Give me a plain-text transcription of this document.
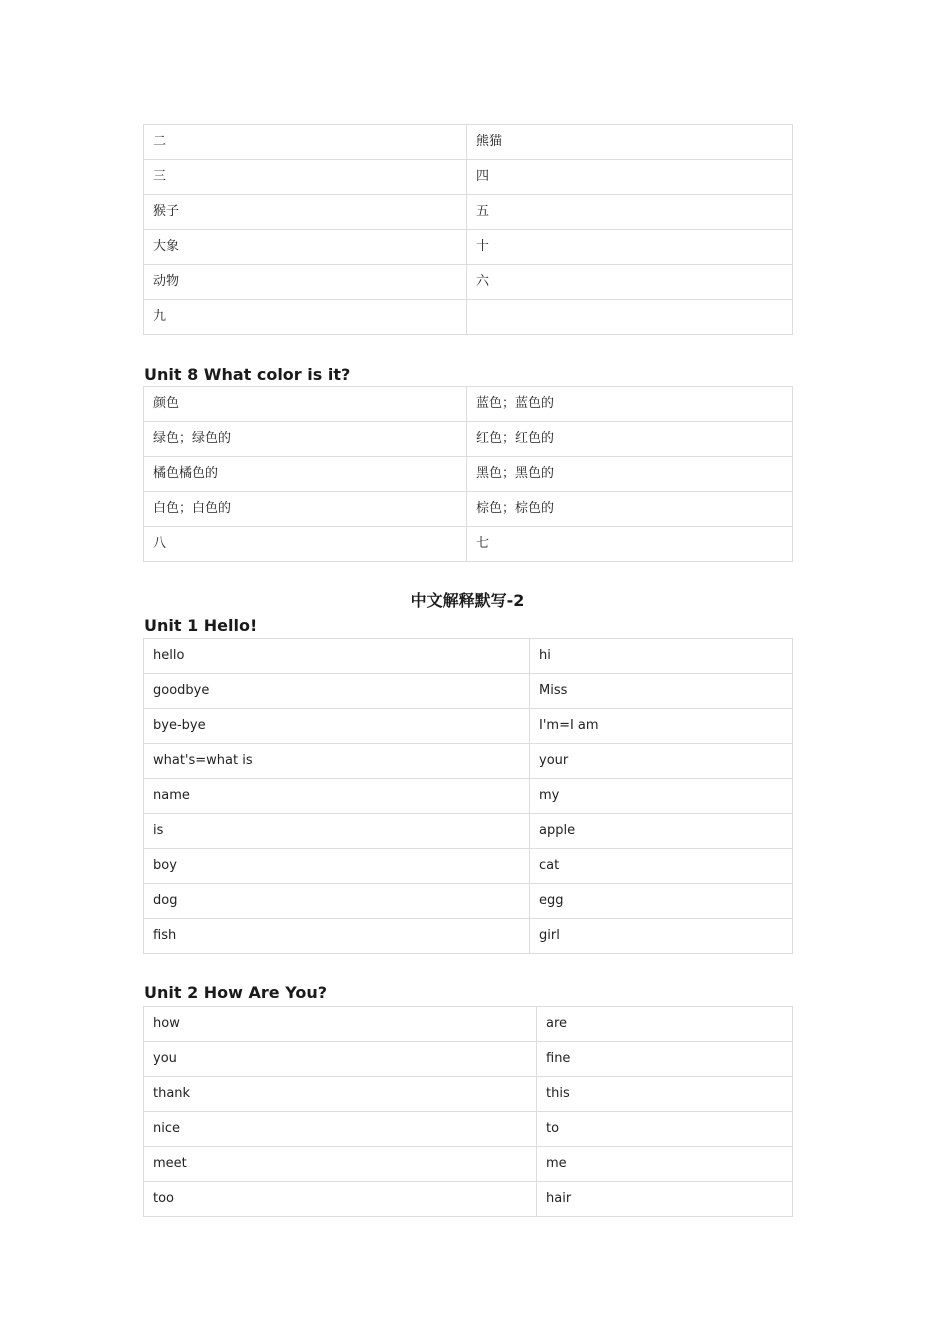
二	熊猫
三	四
猴子	五
大象	十
动物	六
九	
Unit 8 What color is it?
颜色	蓝色；蓝色的
绿色；绿色的	红色；红色的
橘色橘色的	黑色；黑色的
白色；白色的	棕色；棕色的
八	七
中文解释默写-2
Unit 1 Hello!
hello	hi
goodbye	Miss
bye-bye	I'm=I am
what's=what is	your
name	my
is	apple
boy	cat
dog	egg
fish	girl
Unit 2 How Are You?
how	are
you	fine
thank	this
nice	to
meet	me
too	hair
